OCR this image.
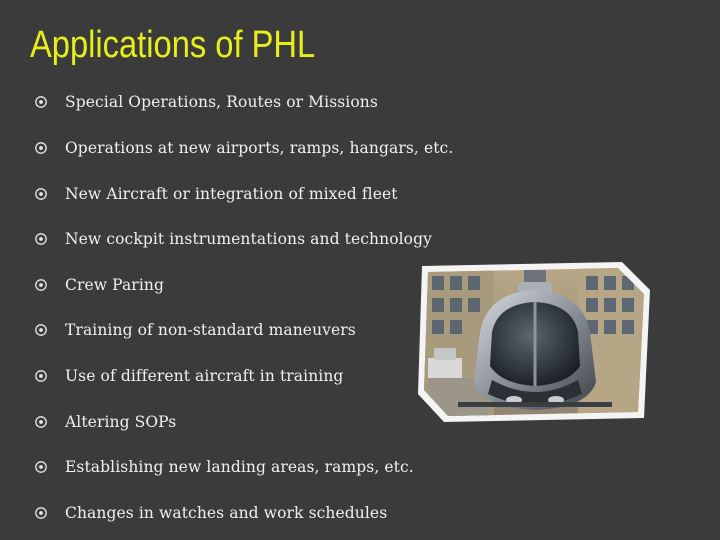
Applications of PHL
Special Operations, Routes or Missions
Operations at new airports, ramps, hangars, etc.
New Aircraft or integration of mixed fleet
New cockpit instrumentations and technology
Crew Paring
Training of non-standard maneuvers
Use of different aircraft in training
Altering SOPs
Establishing new landing areas, ramps, etc.
Changes in watches and work schedules
